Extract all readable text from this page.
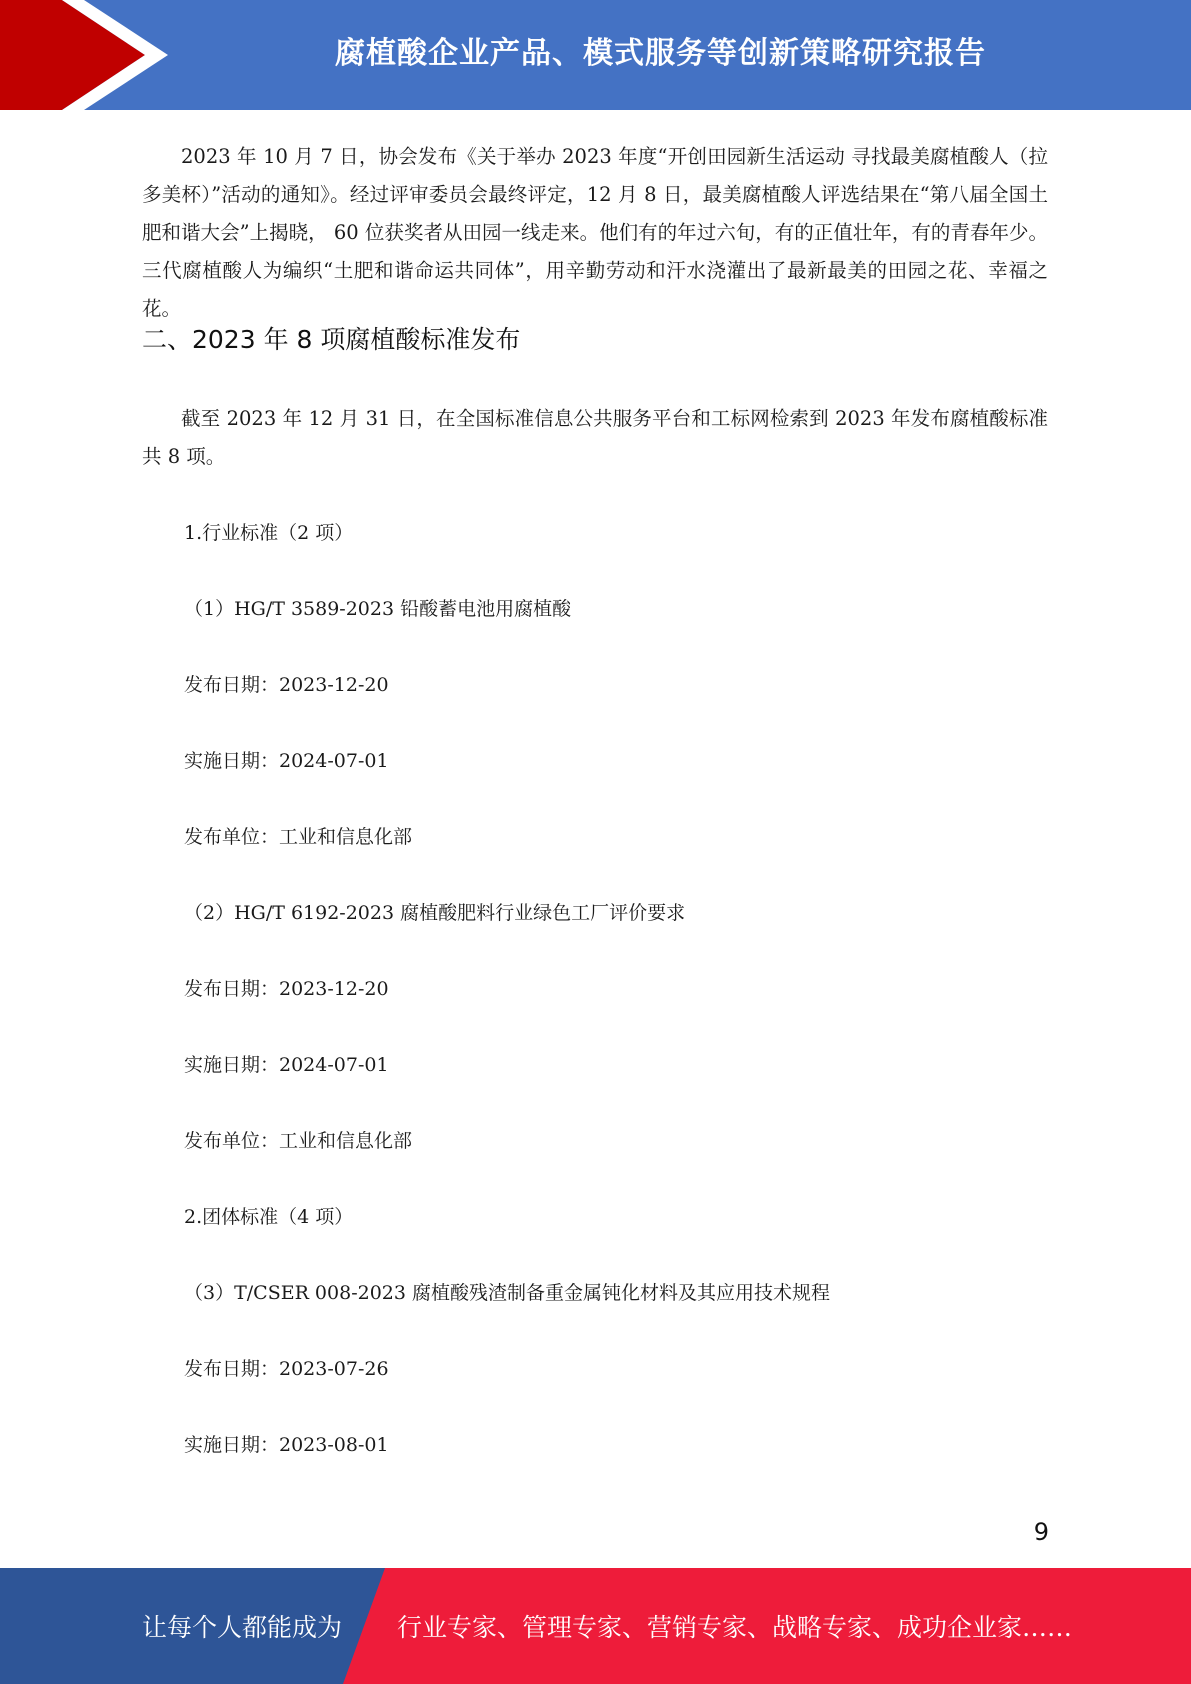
腐植酸企业产品、模式服务等创新策略研究报告

2023 年 10 月 7 日，协会发布《关于举办 2023 年度“开创田园新生活运动 寻找最美腐植酸人（拉多美杯）”活动的通知》。经过评审委员会最终评定，12 月 8 日，最美腐植酸人评选结果在“第八届全国土肥和谐大会”上揭晓， 60 位获奖者从田园一线走来。他们有的年过六旬，有的正值壮年，有的青春年少。三代腐植酸人为编织“土肥和谐命运共同体”，用辛勤劳动和汗水浇灌出了最新最美的田园之花、幸福之花。

二、2023 年 8 项腐植酸标准发布

截至 2023 年 12 月 31 日，在全国标准信息公共服务平台和工标网检索到 2023 年发布腐植酸标准共 8 项。

1.行业标准（2 项）
（1）HG/T 3589-2023 铅酸蓄电池用腐植酸
发布日期：2023-12-20
实施日期：2024-07-01
发布单位：工业和信息化部
（2）HG/T 6192-2023 腐植酸肥料行业绿色工厂评价要求
发布日期：2023-12-20
实施日期：2024-07-01
发布单位：工业和信息化部
2.团体标准（4 项）
（3）T/CSER 008-2023 腐植酸残渣制备重金属钝化材料及其应用技术规程
发布日期：2023-07-26
实施日期：2023-08-01
9
让每个人都能成为 行业专家、管理专家、营销专家、战略专家、成功企业家……
